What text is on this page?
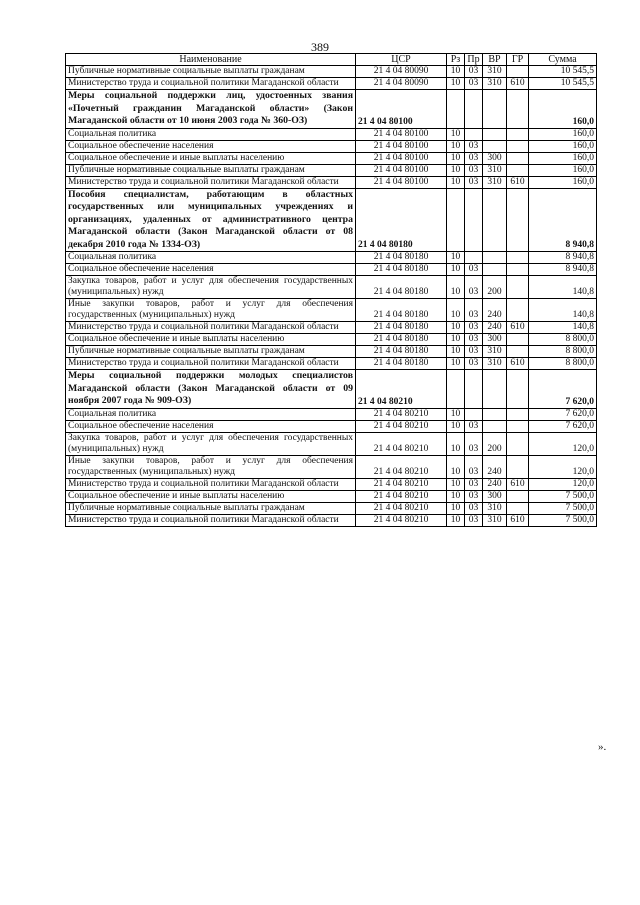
389
Наименование	ЦСР	Рз	Пр	ВР	ГР	Сумма
Публичные нормативные социальные выплаты гражданам	21 4 04 80090	10	03	310		10 545,5
Министерство труда и социальной политики Магаданской области	21 4 04 80090	10	03	310	610	10 545,5
Меры социальной поддержки лиц, удостоенных звания «Почетный гражданин Магаданской области» (Закон Магаданской области от 10 июня 2003 года № 360-ОЗ)	21 4 04 80100					160,0
Социальная политика	21 4 04 80100	10				160,0
Социальное обеспечение населения	21 4 04 80100	10	03			160,0
Социальное обеспечение и иные выплаты населению	21 4 04 80100	10	03	300		160,0
Публичные нормативные социальные выплаты гражданам	21 4 04 80100	10	03	310		160,0
Министерство труда и социальной политики Магаданской области	21 4 04 80100	10	03	310	610	160,0
Пособия специалистам, работающим в областных государственных или муниципальных учреждениях и организациях, удаленных от административного центра Магаданской области (Закон Магаданской области от 08 декабря 2010 года № 1334-ОЗ)	21 4 04 80180					8 940,8
Социальная политика	21 4 04 80180	10				8 940,8
Социальное обеспечение населения	21 4 04 80180	10	03			8 940,8
Закупка товаров, работ и услуг для обеспечения государственных (муниципальных) нужд	21 4 04 80180	10	03	200		140,8
Иные закупки товаров, работ и услуг для обеспечения государственных (муниципальных) нужд	21 4 04 80180	10	03	240		140,8
Министерство труда и социальной политики Магаданской области	21 4 04 80180	10	03	240	610	140,8
Социальное обеспечение и иные выплаты населению	21 4 04 80180	10	03	300		8 800,0
Публичные нормативные социальные выплаты гражданам	21 4 04 80180	10	03	310		8 800,0
Министерство труда и социальной политики Магаданской области	21 4 04 80180	10	03	310	610	8 800,0
Меры социальной поддержки молодых специалистов Магаданской области (Закон Магаданской области от 09 ноября 2007 года № 909-ОЗ)	21 4 04 80210					7 620,0
Социальная политика	21 4 04 80210	10				7 620,0
Социальное обеспечение населения	21 4 04 80210	10	03			7 620,0
Закупка товаров, работ и услуг для обеспечения государственных (муниципальных) нужд	21 4 04 80210	10	03	200		120,0
Иные закупки товаров, работ и услуг для обеспечения государственных (муниципальных) нужд	21 4 04 80210	10	03	240		120,0
Министерство труда и социальной политики Магаданской области	21 4 04 80210	10	03	240	610	120,0
Социальное обеспечение и иные выплаты населению	21 4 04 80210	10	03	300		7 500,0
Публичные нормативные социальные выплаты гражданам	21 4 04 80210	10	03	310		7 500,0
Министерство труда и социальной политики Магаданской области	21 4 04 80210	10	03	310	610	7 500,0
».
